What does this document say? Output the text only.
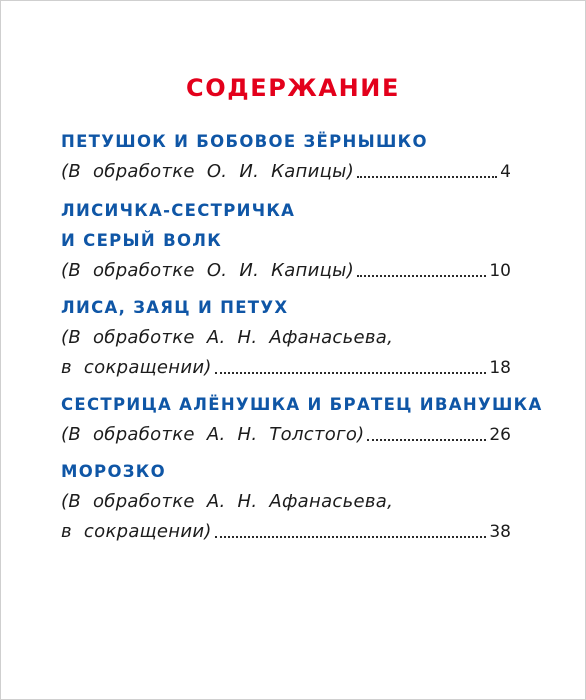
СОДЕРЖАНИЕ
ПЕТУШОК И БОБОВОЕ ЗЁРНЫШКО
(В обработке О. И. Капицы)	4
ЛИСИЧКА-СЕСТРИЧКА
И СЕРЫЙ ВОЛК
(В обработке О. И. Капицы)	10
ЛИСА, ЗАЯЦ И ПЕТУХ
(В обработке А. Н. Афанасьева,
в сокращении)	18
СЕСТРИЦА АЛЁНУШКА И БРАТЕЦ ИВАНУШКА
(В обработке А. Н. Толстого)	26
МОРОЗКО
(В обработке А. Н. Афанасьева,
в сокращении)	38
